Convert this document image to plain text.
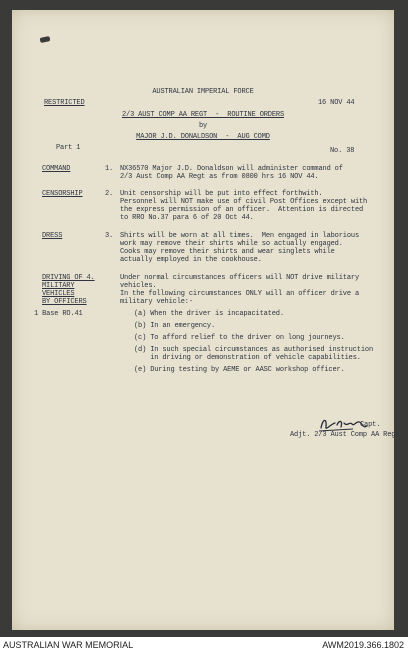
AUSTRALIAN IMPERIAL FORCE
RESTRICTED	16 NOV 44
2/3 AUST COMP AA REGT  -  ROUTINE ORDERS
by
MAJOR J.D. DONALDSON  -  AUG COMD
Part 1	No. 38
COMMAND	1. NX36570 Major J.D. Donaldson will administer command of
2/3 Aust Comp AA Regt as from 0800 hrs 16 NOV 44.
CENSORSHIP	2. Unit censorship will be put into effect forthwith.
Personnel will NOT make use of civil Post Offices except with
the express permission of an officer.  Attention is directed
to RRO No.37 para 6 of 20 Oct 44.
DRESS	3. Shirts will be worn at all times.  Men engaged in laborious
work may remove their shirts while so actually engaged.
Cooks may remove their shirts and wear singlets while
actually employed in the cookhouse.
DRIVING OF 4.
MILITARY
VEHICLES
BY OFFICERS
Under normal circumstances officers will NOT drive military
vehicles.
In the following circumstances ONLY will an officer drive a
military vehicle:-
1 Base RO.41	(a) When the driver is incapacitated.
(b) In an emergency.
(c) To afford relief to the driver on long journeys.
(d) In such special circumstances as authorised instruction
in driving or demonstration of vehicle capabilities.
(e) During testing by AEME or AASC workshop officer.
Capt.
Adjt. 2/3 Aust Comp AA Regt
AUSTRALIAN WAR MEMORIAL	AWM2019.366.1802
